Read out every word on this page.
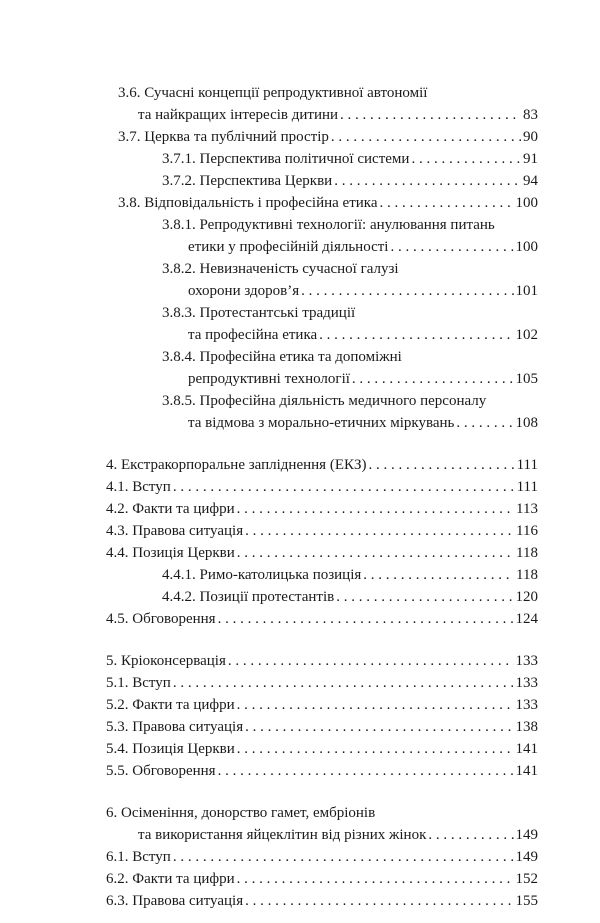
3.6. Сучасні концепції репродуктивної автономії
та найкращих інтересів дитини . . .	83
3.7. Церква та публічний простір . . .	90
3.7.1. Перспектива політичної системи . . .	91
3.7.2. Перспектива Церкви . . .	94
3.8. Відповідальність і професійна етика . . .	100
3.8.1. Репродуктивні технології: анулювання питань
етики у професійній діяльності . . .	100
3.8.2. Невизначеність сучасної галузі
охорони здоров’я . . .	101
3.8.3. Протестантські традиції
та професійна етика . . .	102
3.8.4. Професійна етика та допоміжні
репродуктивні технології . . .	105
3.8.5. Професійна діяльність медичного персоналу
та відмова з морально-етичних міркувань . . .	108
4. Екстракорпоральне запліднення (ЕКЗ) . . .	111
4.1. Вступ . . .	111
4.2. Факти та цифри . . .	113
4.3. Правова ситуація . . .	116
4.4. Позиція Церкви . . .	118
4.4.1. Римо-католицька позиція . . .	118
4.4.2. Позиції протестантів . . .	120
4.5. Обговорення . . .	124
5. Кріоконсервація . . .	133
5.1. Вступ . . .	133
5.2. Факти та цифри . . .	133
5.3. Правова ситуація . . .	138
5.4. Позиція Церкви . . .	141
5.5. Обговорення . . .	141
6. Осіменіння, донорство гамет, ембріонів
та використання яйцеклітин від різних жінок . . .	149
6.1. Вступ . . .	149
6.2. Факти та цифри . . .	152
6.3. Правова ситуація . . .	155
